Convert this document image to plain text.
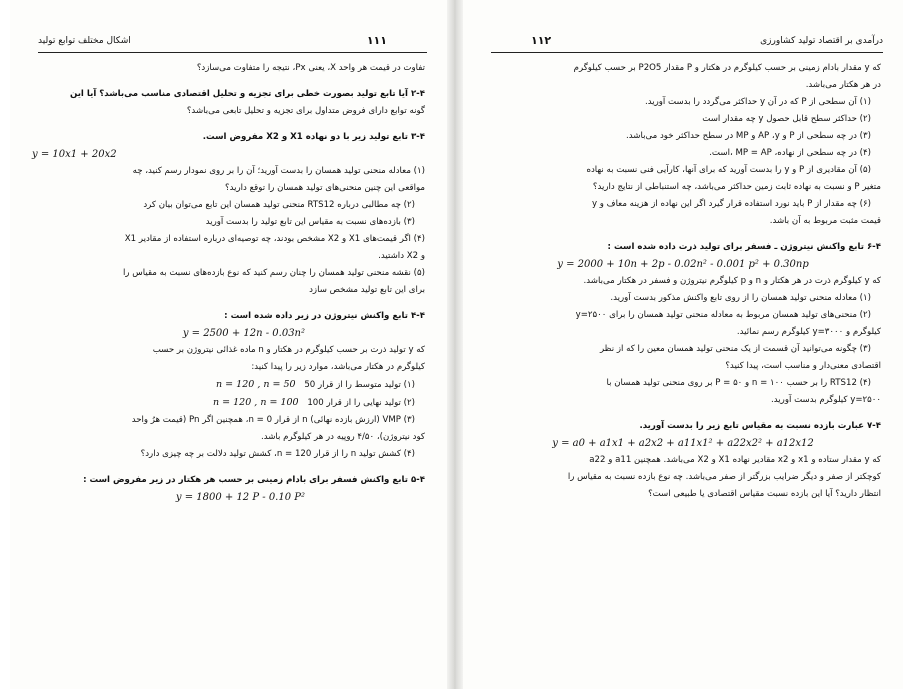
اشکال مختلف توابع تولید	۱۱۱

تفاوت در قیمت هر واحد X، یعنی Px، نتیجه را متفاوت می‌سازد؟

۲-۴ آیا تابع تولید بصورت خطی برای تجزیه و تحلیل اقتصادی مناسب می‌باشد؟ آیا این

گونه توابع دارای فروض متداول برای تجزیه و تحلیل تابعی می‌باشد؟

۳-۴ تابع تولید زیر با دو نهاده X1 و X2 مفروض است.

y = 10x1 + 20x2

(۱) معادله منحنی تولید همسان را بدست آورید؛ آن را بر روی نمودار رسم کنید، چه

مواقعی این چنین منحنی‌های تولید همسان را توقع دارید؟

(۲) چه مطالبی درباره RTS12 منحنی تولید همسان این تابع می‌توان بیان کرد

(۳) بازده‌های نسبت به مقیاس این تابع تولید را بدست آورید

(۴) اگر قیمت‌های X1 و X2 مشخص بودند، چه توصیه‌ای درباره استفاده از مقادیر X1

و X2 داشتید.

(۵) نقشه منحنی تولید همسان را چنان رسم کنید که نوع بازده‌های نسبت به مقیاس را

برای این تابع تولید مشخص سازد

۴-۴ تابع واکنش نیتروژن در زیر داده شده است :

y = 2500 + 12n - 0.03n²

که y تولید ذرت بر حسب کیلوگرم در هکتار و n ماده غذائی نیتروژن بر حسب

کیلوگرم در هکتار می‌باشد، موارد زیر را پیدا کنید:

(۱) تولید متوسط را از قرار 50 n = 120 , n = 50

(۲) تولید نهایی را از قرار 100 n = 120 , n = 100

(۳) VMP (ارزش بازده نهائی) n از قرار 0 = n، همچنین اگر Pn (قیمت هرُ واحد

کود نیتروژن)، ۴/۵۰ روپیه در هر کیلوگرم باشد.

(۴) کشش تولید n را از قرار 120 = n، کشش تولید دلالت بر چه چیزی دارد؟

۵-۴ تابع واکنش فسفر برای بادام زمینی بر حسب هر هکتار در زیر مفروض است :

y = 1800 + 12 P - 0.10 P²

۱۱۲	درآمدی بر اقتصاد تولید کشاورزی

که y مقدار بادام زمینی بر حسب کیلوگرم در هکتار و P مقدار P2O5 بر حسب کیلوگرم

در هر هکتار می‌باشد.

(۱) آن سطحی از P که در آن y حداکثر می‌گردد را بدست آورید.

(۲) حداکثر سطح قابل حصول y چه مقدار است

(۳) در چه سطحی از P و AP ،y و MP در سطح حداکثر خود می‌باشد.

(۴) در چه سطحی از نهاده، MP = AP ،است.

(۵) آن مقادیری از P و y را بدست آورید که برای آنها، کارآیی فنی نسبت به نهاده

متغیر P و نسبت به نهاده ثابت زمین حداکثر می‌باشد، چه استنباطی از نتایج دارید؟

(۶) چه مقدار از P باید نورد استفاده قرار گیرد اگر این نهاده از هزینه معاف و y

قیمت مثبت مربوط به آن باشد.

۶-۴ تابع واکنش نیتروژن ـ فسفر برای تولید ذرت داده شده است :

y = 2000 + 10n + 2p - 0.02n² - 0.001 p² + 0.30np

که y کیلوگرم ذرت در هر هکتار و n و p کیلوگرم نیتروژن و فسفر در هکتار می‌باشد.

(۱) معادله منحنی تولید همسان را از روی تابع واکنش مذکور بدست آورید.

(۲) منحنی‌های تولید همسان مربوط به معادله منحنی تولید همسان را برای ۲۵۰۰=y

کیلوگرم و ۳۰۰۰=y کیلوگرم رسم نمائید.

(۳) چگونه می‌توانید آن قسمت از یک منحنی تولید همسان معین را که از نظر

اقتصادی معنی‌دار و مناسب است، پیدا کنید؟

(۴) RTS12 را بر حسب ۱۰۰ = n و ۵۰ = P بر روی منحنی تولید همسان با

۲۵۰۰=y کیلوگرم بدست آورید.

۷-۴ عبارت بازده نسبت به مقیاس تابع زیر را بدست آورید.

y = a0 + a1x1 + a2x2 + a11x1² + a22x2² + a12x12

که y مقدار ستاده و x1 و x2 مقادیر نهاده X1 و X2 می‌باشد. همچنین a11 و a22

کوچکتر از صفر و دیگر ضرایب بزرگتر از صفر می‌باشد. چه نوع بازده نسبت به مقیاس را

انتظار دارید؟ آیا این بازده نسبت مقیاس اقتصادی یا طبیعی است؟
